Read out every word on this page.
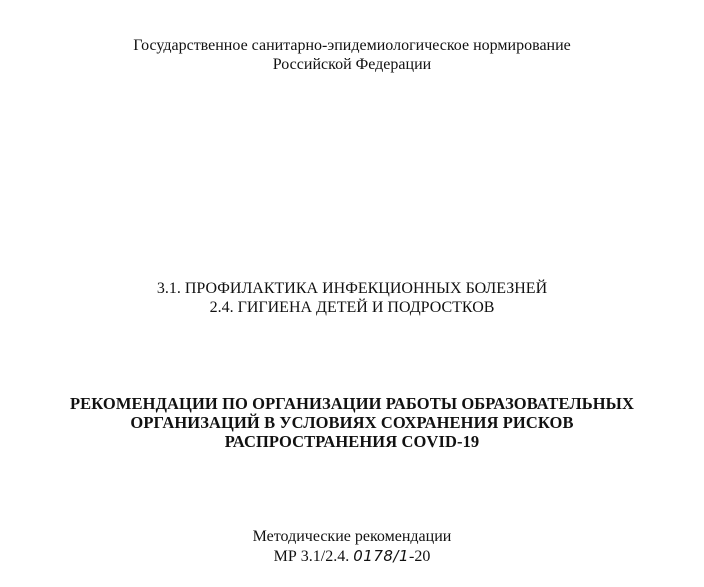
Государственное санитарно-эпидемиологическое нормирование
Российской Федерации
3.1. ПРОФИЛАКТИКА ИНФЕКЦИОННЫХ БОЛЕЗНЕЙ
2.4. ГИГИЕНА ДЕТЕЙ И ПОДРОСТКОВ
РЕКОМЕНДАЦИИ ПО ОРГАНИЗАЦИИ РАБОТЫ ОБРАЗОВАТЕЛЬНЫХ
ОРГАНИЗАЦИЙ В УСЛОВИЯХ СОХРАНЕНИЯ РИСКОВ
РАСПРОСТРАНЕНИЯ COVID-19
Методические рекомендации
МР 3.1/2.4. 0178/1-20
